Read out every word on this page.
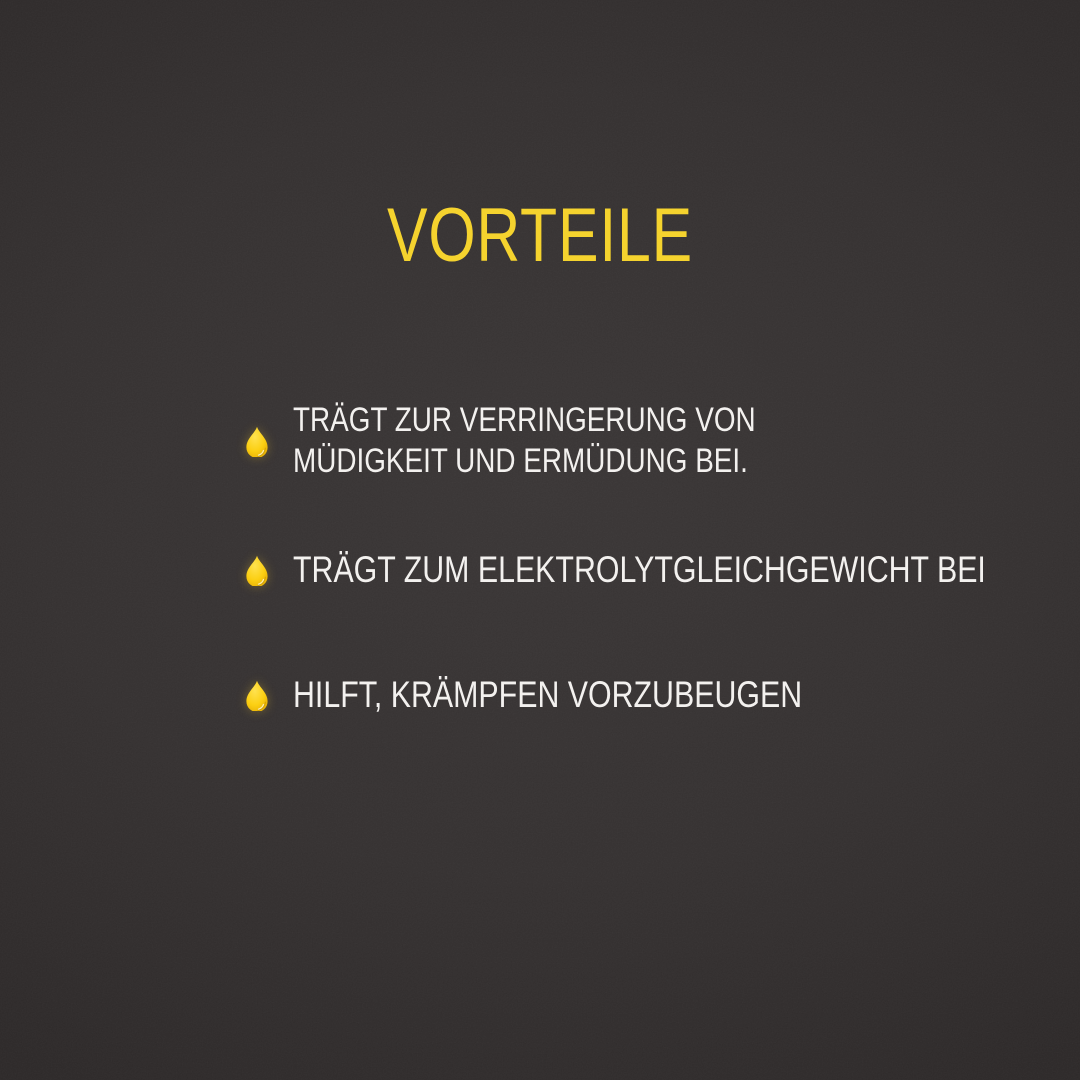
VORTEILE
TRÄGT ZUR VERRINGERUNG VON
MÜDIGKEIT UND ERMÜDUNG BEI.
TRÄGT ZUM ELEKTROLYTGLEICHGEWICHT BEI
HILFT, KRÄMPFEN VORZUBEUGEN
